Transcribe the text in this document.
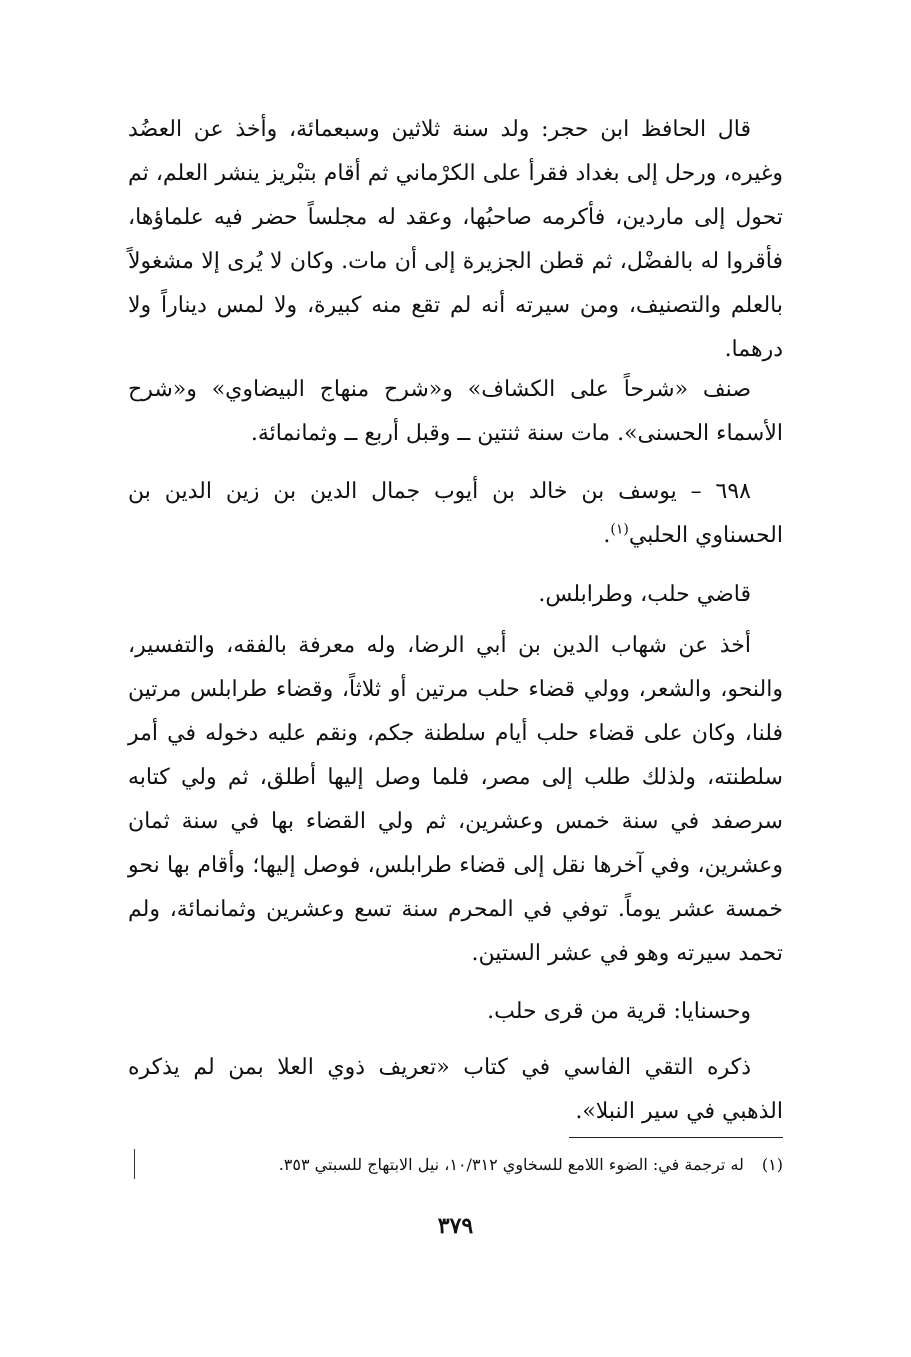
قال الحافظ ابن حجر: ولد سنة ثلاثين وسبعمائة، وأخذ عن العضُد وغيره، ورحل إلى بغداد فقرأ على الكرْماني ثم أقام بتبْريز ينشر العلم، ثم تحول إلى ماردين، فأكرمه صاحبُها، وعقد له مجلساً حضر فيه علماؤها، فأقروا له بالفضْل، ثم قطن الجزيرة إلى أن مات. وكان لا يُرى إلا مشغولاً بالعلم والتصنيف، ومن سيرته أنه لم تقع منه كبيرة، ولا لمس ديناراً ولا درهما.

صنف «شرحاً على الكشاف» و«شرح منهاج البيضاوي» و«شرح الأسماء الحسنى». مات سنة ثنتين ــ وقبل أربع ــ وثمانمائة.

٦٩٨ – يوسف بن خالد بن أيوب جمال الدين بن زين الدين بن الحسناوي الحلبي$^{(١)}$.

قاضي حلب، وطرابلس.

أخذ عن شهاب الدين بن أبي الرضا، وله معرفة بالفقه، والتفسير، والنحو، والشعر، وولي قضاء حلب مرتين أو ثلاثاً، وقضاء طرابلس مرتين فلنا، وكان على قضاء حلب أيام سلطنة جكم، ونقم عليه دخوله في أمر سلطنته، ولذلك طلب إلى مصر، فلما وصل إليها أطلق، ثم ولي كتابه سرصفد في سنة خمس وعشرين، ثم ولي القضاء بها في سنة ثمان وعشرين، وفي آخرها نقل إلى قضاء طرابلس، فوصل إليها؛ وأقام بها نحو خمسة عشر يوماً. توفي في المحرم سنة تسع وعشرين وثمانمائة، ولم تحمد سيرته وهو في عشر الستين.

وحسنايا: قرية من قرى حلب.

ذكره التقي الفاسي في كتاب «تعريف ذوي العلا بمن لم يذكره الذهبي في سير النبلا».

(١)له ترجمة في: الضوء اللامع للسخاوي ١٠/٣١٢، نيل الابتهاج للسبتي ٣٥٣.
٣٧٩
